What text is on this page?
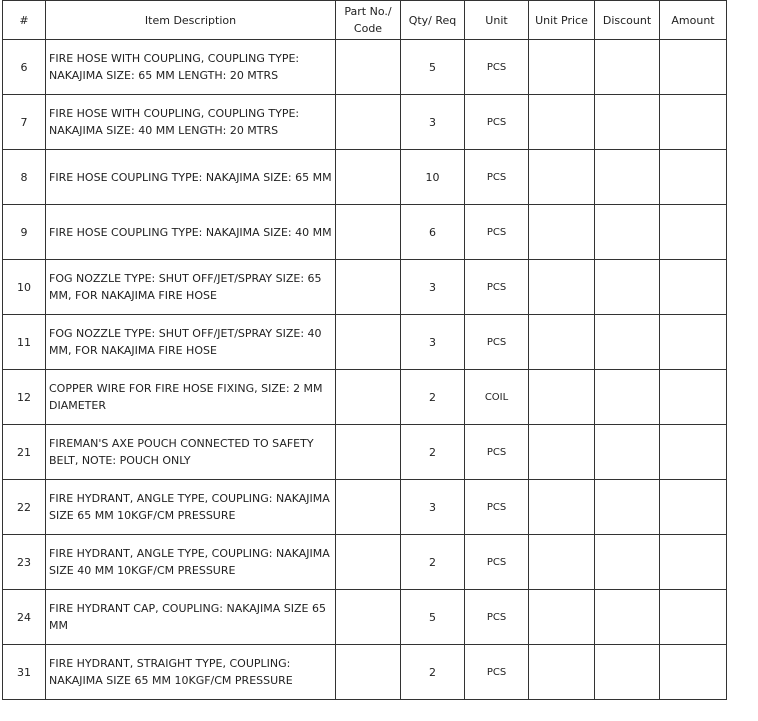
#	Item Description	Part No./
Code	Qty/ Req	Unit	Unit Price	Discount	Amount
6	FIRE HOSE WITH COUPLING, COUPLING TYPE:
NAKAJIMA SIZE: 65 MM LENGTH: 20 MTRS		5	PCS			
7	FIRE HOSE WITH COUPLING, COUPLING TYPE:
NAKAJIMA SIZE: 40 MM LENGTH: 20 MTRS		3	PCS			
8	FIRE HOSE COUPLING TYPE: NAKAJIMA SIZE: 65 MM		10	PCS			
9	FIRE HOSE COUPLING TYPE: NAKAJIMA SIZE: 40 MM		6	PCS			
10	FOG NOZZLE TYPE: SHUT OFF/JET/SPRAY SIZE: 65
MM, FOR NAKAJIMA FIRE HOSE		3	PCS			
11	FOG NOZZLE TYPE: SHUT OFF/JET/SPRAY SIZE: 40
MM, FOR NAKAJIMA FIRE HOSE		3	PCS			
12	COPPER WIRE FOR FIRE HOSE FIXING, SIZE: 2 MM
DIAMETER		2	COIL			
21	FIREMAN'S AXE POUCH CONNECTED TO SAFETY
BELT, NOTE: POUCH ONLY		2	PCS			
22	FIRE HYDRANT, ANGLE TYPE, COUPLING: NAKAJIMA
SIZE 65 MM 10KGF/CM PRESSURE		3	PCS			
23	FIRE HYDRANT, ANGLE TYPE, COUPLING: NAKAJIMA
SIZE 40 MM 10KGF/CM PRESSURE		2	PCS			
24	FIRE HYDRANT CAP, COUPLING: NAKAJIMA SIZE 65
MM		5	PCS			
31	FIRE HYDRANT, STRAIGHT TYPE, COUPLING:
NAKAJIMA SIZE 65 MM 10KGF/CM PRESSURE		2	PCS			
